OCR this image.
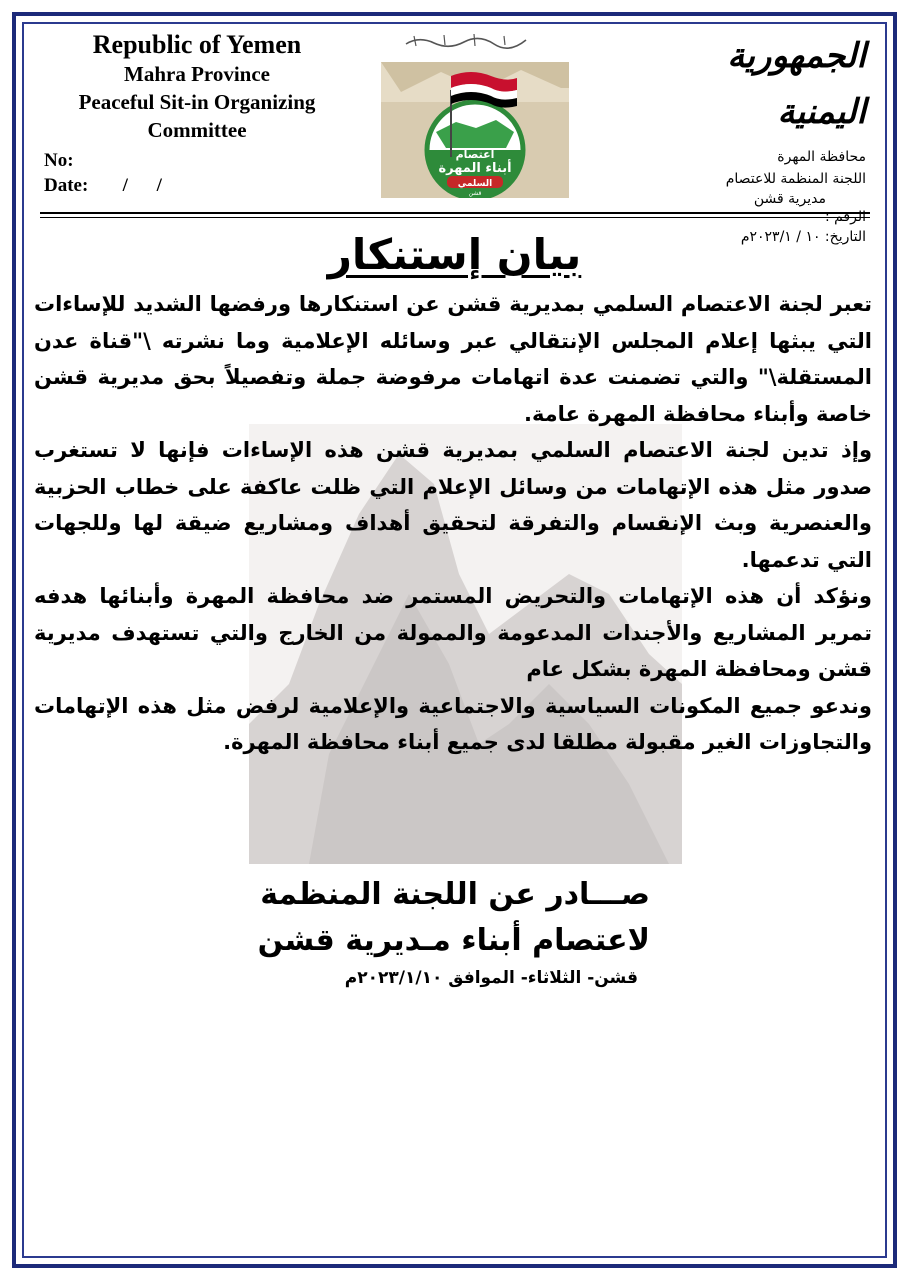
Republic of Yemen
Mahra Province
Peaceful Sit-in Organizing
Committee
No:
Date: / /
بسم الله الرحمن الرحيم
اعتصام
أبناء المهرة
السلمي
قشن
الجمهورية اليمنية
محافظة المهرة
اللجنة المنظمة للاعتصام
مديرية قشن
الرقم :
التاريخ: ١٠ / ٢٠٢٣/١م
بيان إستنكار

تعبر لجنة الاعتصام السلمي بمديرية قشن عن استنكارها ورفضها الشديد للإساءات التي يبثها إعلام المجلس الإنتقالي عبر وسائله الإعلامية وما نشرته \"قناة عدن المستقلة\" والتي تضمنت عدة اتهامات مرفوضة جملة وتفصيلاً بحق مديرية قشن خاصة وأبناء محافظة المهرة عامة.

وإذ تدين لجنة الاعتصام السلمي بمديرية قشن هذه الإساءات فإنها لا تستغرب صدور مثل هذه الإتهامات من وسائل الإعلام التي ظلت عاكفة على خطاب الحزبية والعنصرية وبث الإنقسام والتفرقة لتحقيق أهداف ومشاريع ضيقة لها وللجهات التي تدعمها.

ونؤكد أن هذه الإتهامات والتحريض المستمر ضد محافظة المهرة وأبنائها هدفه تمرير المشاريع والأجندات المدعومة والممولة من الخارج والتي تستهدف مديرية قشن ومحافظة المهرة بشكل عام

وندعو جميع المكونات السياسية والاجتماعية والإعلامية لرفض مثل هذه الإتهامات والتجاوزات الغير مقبولة مطلقا لدى جميع أبناء محافظة المهرة.

صـــادر عن اللجنة المنظمة
لاعتصام أبناء مـديرية قشن
قشن- الثلاثاء- الموافق ٢٠٢٣/١/١٠م
